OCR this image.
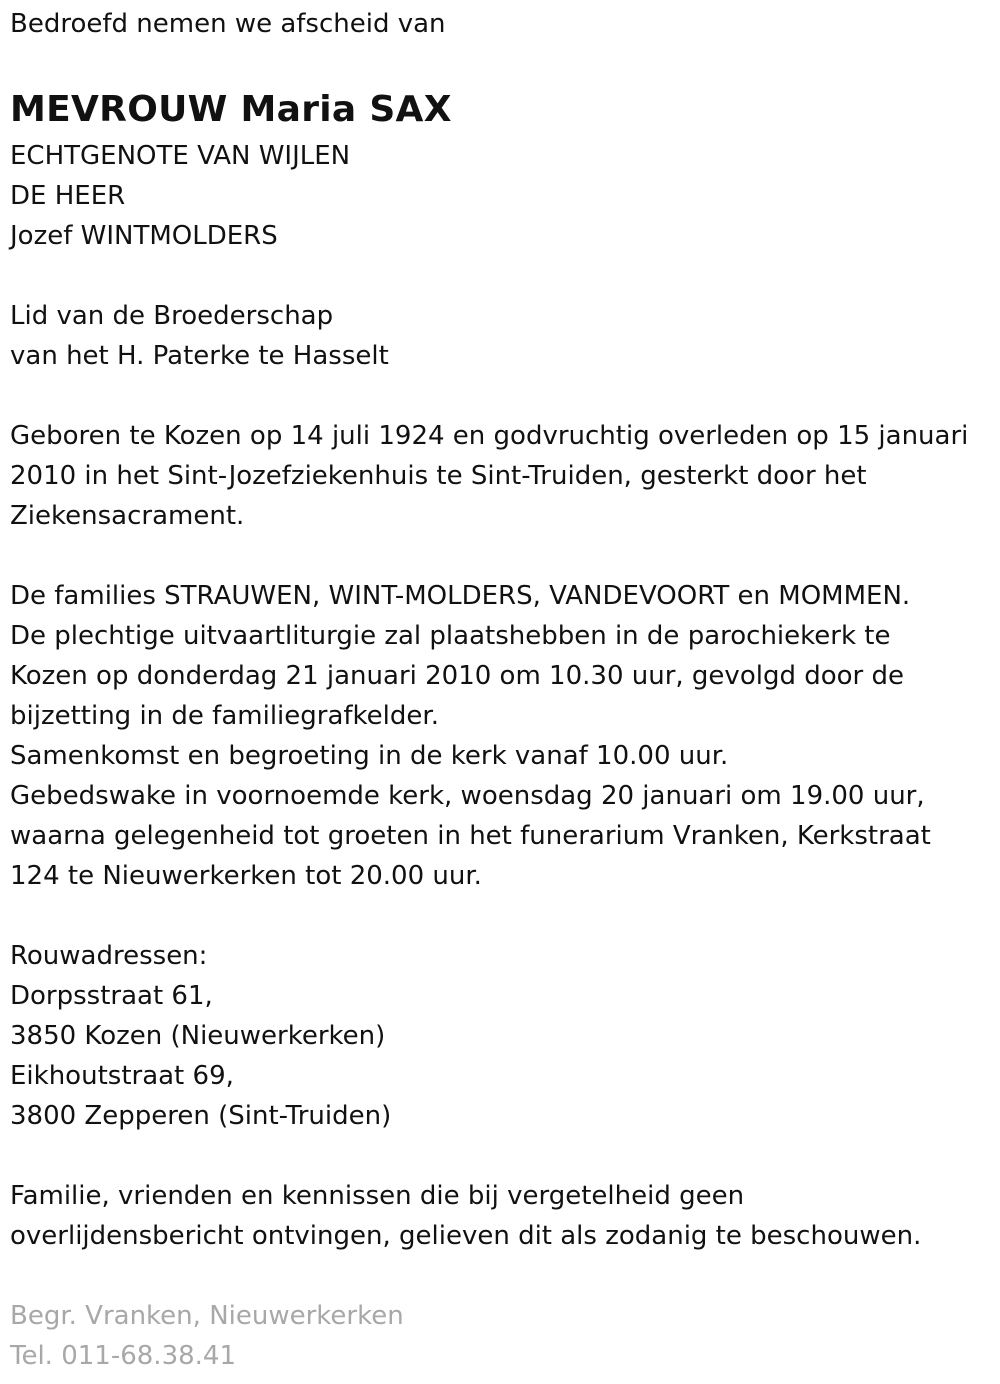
Bedroefd nemen we afscheid van
MEVROUW Maria SAX
ECHTGENOTE VAN WIJLEN
DE HEER
Jozef WINTMOLDERS
Lid van de Broederschap
van het H. Paterke te Hasselt
Geboren te Kozen op 14 juli 1924 en godvruchtig overleden op 15 januari
2010 in het Sint-Jozefziekenhuis te Sint-Truiden, gesterkt door het
Ziekensacrament.
De families STRAUWEN, WINT-MOLDERS, VANDEVOORT en MOMMEN.
De plechtige uitvaartliturgie zal plaatshebben in de parochiekerk te
Kozen op donderdag 21 januari 2010 om 10.30 uur, gevolgd door de
bijzetting in de familiegrafkelder.
Samenkomst en begroeting in de kerk vanaf 10.00 uur.
Gebedswake in voornoemde kerk, woensdag 20 januari om 19.00 uur,
waarna gelegenheid tot groeten in het funerarium Vranken, Kerkstraat
124 te Nieuwerkerken tot 20.00 uur.
Rouwadressen:
Dorpsstraat 61,
3850 Kozen (Nieuwerkerken)
Eikhoutstraat 69,
3800 Zepperen (Sint-Truiden)
Familie, vrienden en kennissen die bij vergetelheid geen
overlijdensbericht ontvingen, gelieven dit als zodanig te beschouwen.
Begr. Vranken, Nieuwerkerken
Tel. 011-68.38.41
